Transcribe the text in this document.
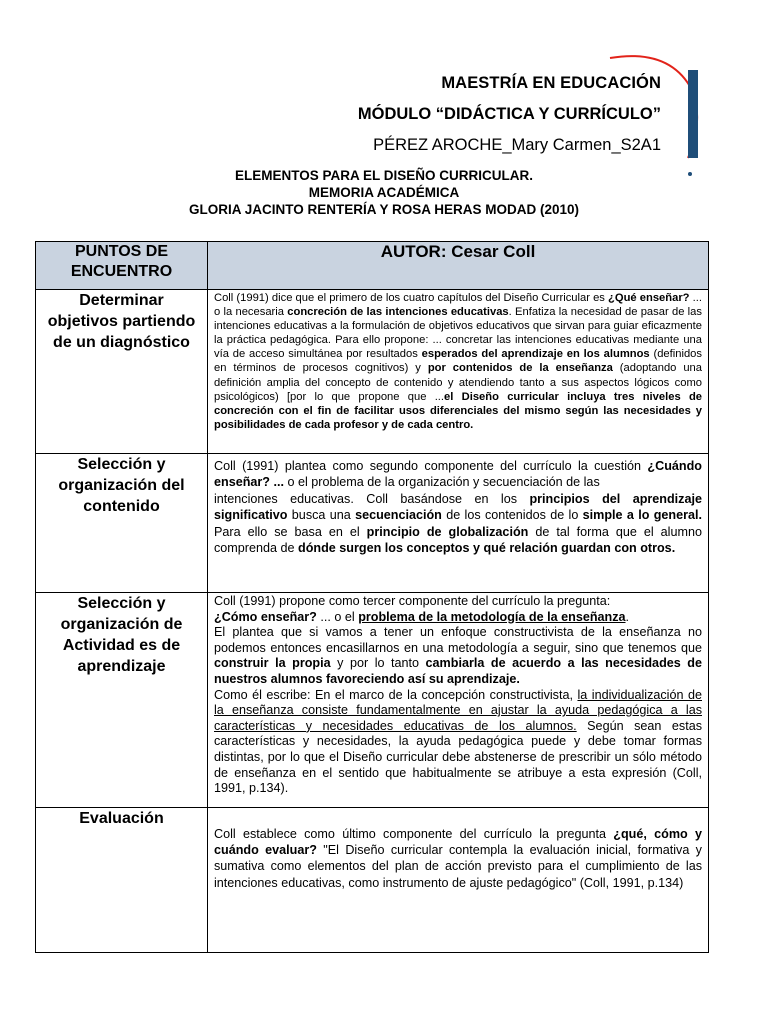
MAESTRÍA EN EDUCACIÓN
MÓDULO “DIDÁCTICA Y CURRÍCULO”
PÉREZ AROCHE_Mary Carmen_S2A1
ELEMENTOS PARA EL DISEÑO CURRICULAR.
MEMORIA ACADÉMICA
GLORIA JACINTO RENTERÍA Y ROSA HERAS MODAD (2010)
PUNTOS DE ENCUENTRO	AUTOR: Cesar Coll
Determinar objetivos partiendo de un diagnóstico	Coll (1991) dice que el primero de los cuatro capítulos del Diseño Curricular es ¿Qué enseñar? ... o la necesaria concreción de las intenciones educativas. Enfatiza la necesidad de pasar de las intenciones educativas a la formulación de objetivos educativos que sirvan para guiar eficazmente la práctica pedagógica. Para ello propone: ... concretar las intenciones educativas mediante una vía de acceso simultánea por resultados esperados del aprendizaje en los alumnos (definidos en términos de procesos cognitivos) y por contenidos de la enseñanza (adoptando una definición amplia del concepto de contenido y atendiendo tanto a sus aspectos lógicos como psicológicos) [por lo que propone que ...el Diseño curricular incluya tres niveles de concreción con el fin de facilitar usos diferenciales del mismo según las necesidades y posibilidades de cada profesor y de cada centro.
Selección y organización del contenido	Coll (1991) plantea como segundo componente del currículo la cuestión ¿Cuándo enseñar? ... o el problema de la organización y secuenciación de las
intenciones educativas. Coll basándose en los principios del aprendizaje significativo busca una secuenciación de los contenidos de lo simple a lo general. Para ello se basa en el principio de globalización de tal forma que el alumno comprenda de dónde surgen los conceptos y qué relación guardan con otros.
Selección y organización de Actividad es de aprendizaje	Coll (1991) propone como tercer componente del currículo la pregunta:
¿Cómo enseñar? ... o el problema de la metodología de la enseñanza.
El plantea que si vamos a tener un enfoque constructivista de la enseñanza no podemos entonces encasillarnos en una metodología a seguir, sino que tenemos que construir la propia y por lo tanto cambiarla de acuerdo a las necesidades de nuestros alumnos favoreciendo así su aprendizaje.
Como él escribe: En el marco de la concepción constructivista, la individualización de la enseñanza consiste fundamentalmente en ajustar la ayuda pedagógica a las características y necesidades educativas de los alumnos. Según sean estas características y necesidades, la ayuda pedagógica puede y debe tomar formas distintas, por lo que el Diseño curricular debe abstenerse de prescribir un sólo método de enseñanza en el sentido que habitualmente se atribuye a esta expresión (Coll, 1991, p.134).
Evaluación	Coll establece como último componente del currículo la pregunta ¿qué, cómo y cuándo evaluar? "El Diseño curricular contempla la evaluación inicial, formativa y sumativa como elementos del plan de acción previsto para el cumplimiento de las intenciones educativas, como instrumento de ajuste pedagógico" (Coll, 1991, p.134)
